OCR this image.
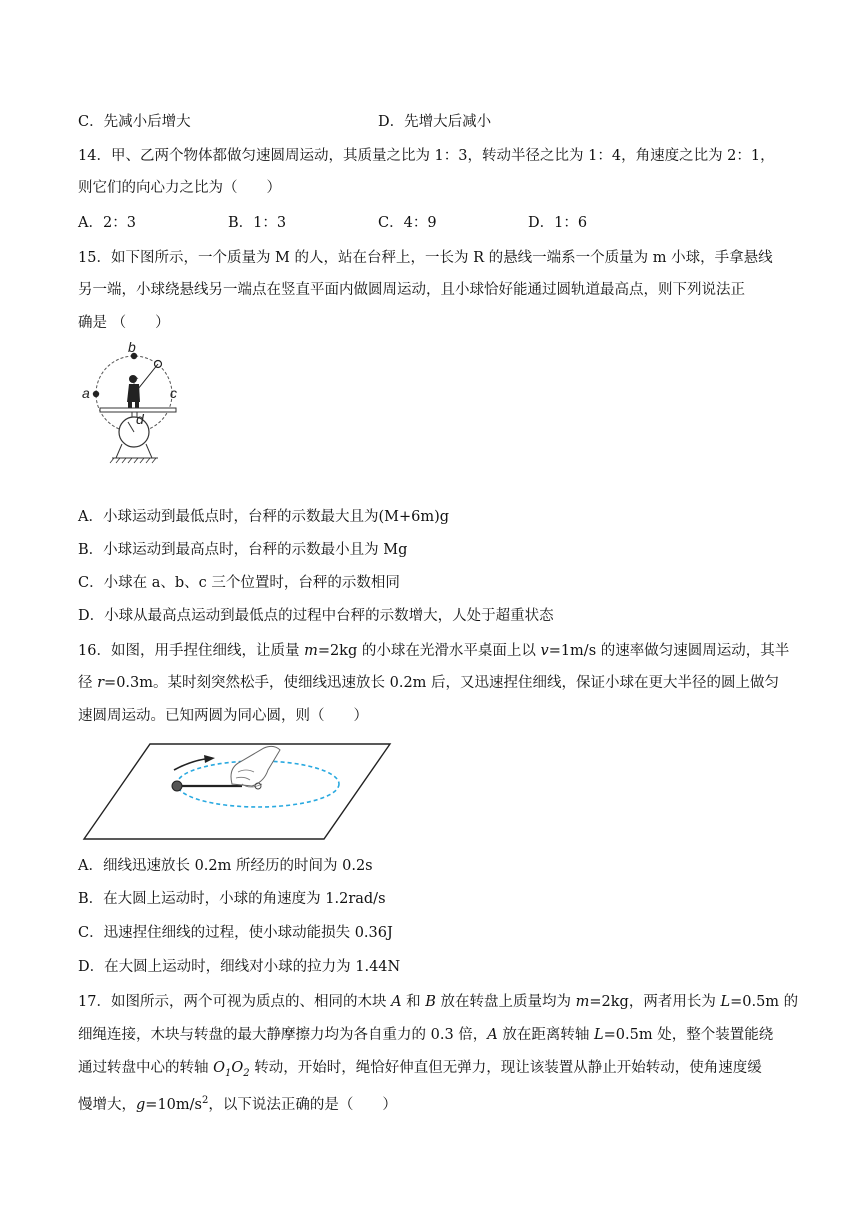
C．先减小后增大	D．先增大后减小
14．甲、乙两个物体都做匀速圆周运动，其质量之比为 1：3，转动半径之比为 1：4，角速度之比为 2：1，
则它们的向心力之比为（　　）
A．2：3	B．1：3	C．4：9	D．1：6
15．如下图所示，一个质量为 M 的人，站在台秤上，一长为 R 的悬线一端系一个质量为 m 小球，手拿悬线
另一端，小球绕悬线另一端点在竖直平面内做圆周运动，且小球恰好能通过圆轨道最高点，则下列说法正
确是 （　　）
a
b
c
d
A．小球运动到最低点时，台秤的示数最大且为(M+6m)g
B．小球运动到最高点时，台秤的示数最小且为 Mg
C．小球在 a、b、c 三个位置时，台秤的示数相同
D．小球从最高点运动到最低点的过程中台秤的示数增大，人处于超重状态
16．如图，用手捏住细线，让质量 m=2kg 的小球在光滑水平桌面上以 v=1m/s 的速率做匀速圆周运动，其半
径 r=0.3m。某时刻突然松手，使细线迅速放长 0.2m 后，又迅速捏住细线，保证小球在更大半径的圆上做匀
速圆周运动。已知两圆为同心圆，则（　　）
A．细线迅速放长 0.2m 所经历的时间为 0.2s
B．在大圆上运动时，小球的角速度为 1.2rad/s
C．迅速捏住细线的过程，使小球动能损失 0.36J
D．在大圆上运动时，细线对小球的拉力为 1.44N
17．如图所示，两个可视为质点的、相同的木块 A 和 B 放在转盘上质量均为 m=2kg，两者用长为 L=0.5m 的
细绳连接，木块与转盘的最大静摩擦力均为各自重力的 0.3 倍，A 放在距离转轴 L=0.5m 处，整个装置能绕
通过转盘中心的转轴 $O_1O_2$ 转动，开始时，绳恰好伸直但无弹力，现让该装置从静止开始转动，使角速度缓
慢增大，$g=10m/s^2$，以下说法正确的是（　　）
